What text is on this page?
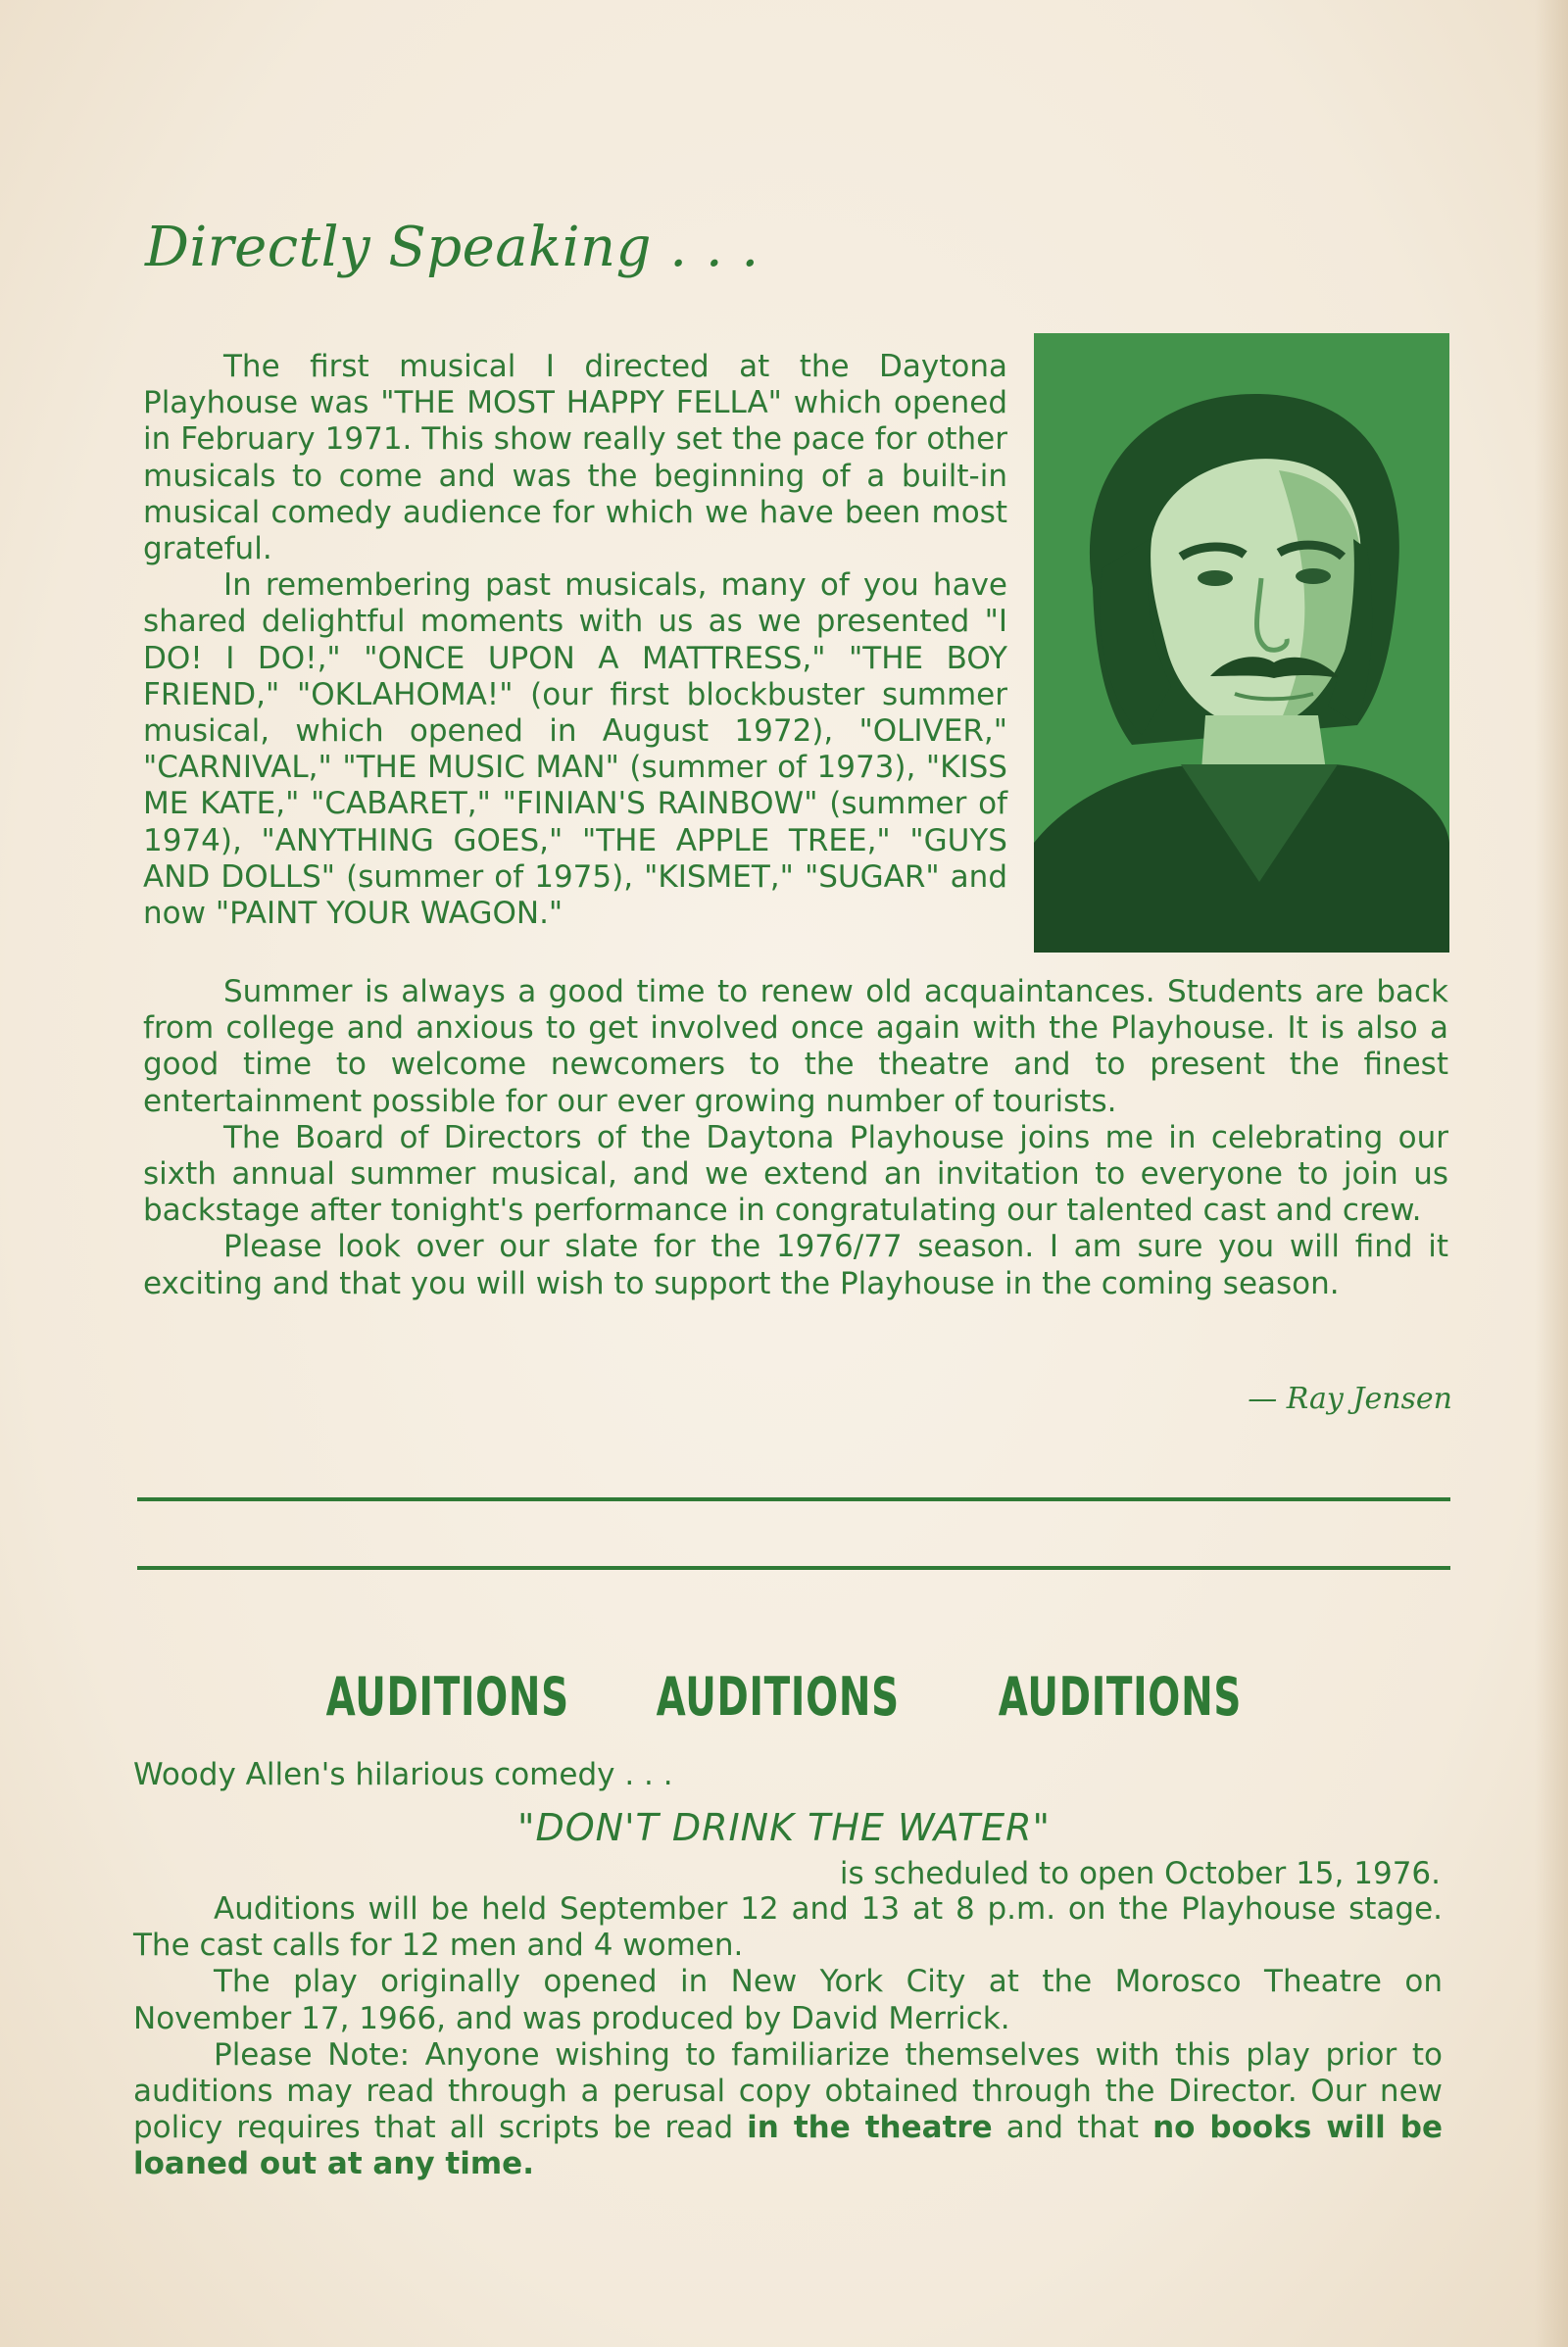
Directly Speaking . . .

The first musical I directed at the Daytona Playhouse was "THE MOST HAPPY FELLA" which opened in February 1971. This show really set the pace for other musicals to come and was the beginning of a built-in musical comedy audience for which we have been most grateful.

In remembering past musicals, many of you have shared delightful moments with us as we presented "I DO! I DO!," "ONCE UPON A MATTRESS," "THE BOY FRIEND," "OKLAHOMA!" (our first blockbuster summer musical, which opened in August 1972), "OLIVER," "CARNIVAL," "THE MUSIC MAN" (summer of 1973), "KISS ME KATE," "CABARET," "FINIAN'S RAINBOW" (summer of 1974), "ANYTHING GOES," "THE APPLE TREE," "GUYS AND DOLLS" (summer of 1975), "KISMET," "SUGAR" and now "PAINT YOUR WAGON."

Summer is always a good time to renew old acquaintances. Students are back from college and anxious to get involved once again with the Playhouse. It is also a good time to welcome newcomers to the theatre and to present the finest entertainment possible for our ever growing number of tourists.

The Board of Directors of the Daytona Playhouse joins me in celebrating our sixth annual summer musical, and we extend an invitation to everyone to join us backstage after tonight's performance in congratulating our talented cast and crew.

Please look over our slate for the 1976/77 season. I am sure you will find it exciting and that you will wish to support the Playhouse in the coming season.

— Ray Jensen
AUDITIONS AUDITIONS AUDITIONS
Woody Allen's hilarious comedy . . .
"DON'T DRINK THE WATER"
is scheduled to open October 15, 1976.

Auditions will be held September 12 and 13 at 8 p.m. on the Playhouse stage. The cast calls for 12 men and 4 women.

The play originally opened in New York City at the Morosco Theatre on November 17, 1966, and was produced by David Merrick.

Please Note: Anyone wishing to familiarize themselves with this play prior to auditions may read through a perusal copy obtained through the Director. Our new policy requires that all scripts be read in the theatre and that no books will be loaned out at any time.
